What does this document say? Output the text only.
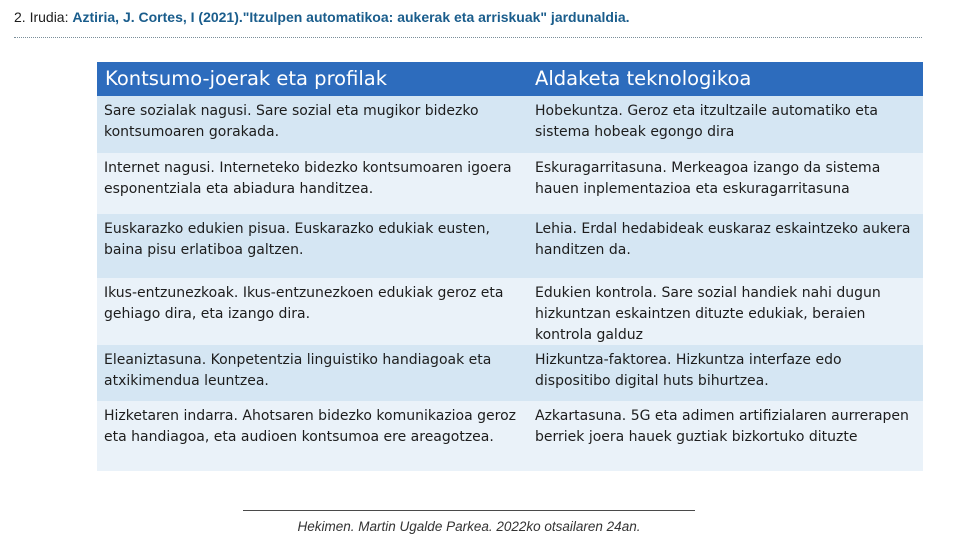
2. Irudia: Aztiria, J. Cortes, I (2021)."Itzulpen automatikoa: aukerak eta arriskuak" jardunaldia.
Kontsumo-joerak eta profilak	Aldaketa teknologikoa
Sare sozialak nagusi. Sare sozial eta mugikor bidezko kontsumoaren gorakada.
Hobekuntza. Geroz eta itzultzaile automatiko eta sistema hobeak egongo dira
Internet nagusi. Interneteko bidezko kontsumoaren igoera esponentziala eta abiadura handitzea.
Eskuragarritasuna. Merkeagoa izango da sistema hauen inplementazioa eta eskuragarritasuna
Euskarazko edukien pisua. Euskarazko edukiak eusten, baina pisu erlatiboa galtzen.
Lehia. Erdal hedabideak euskaraz eskaintzeko aukera handitzen da.
Ikus-entzunezkoak. Ikus-entzunezkoen edukiak geroz eta gehiago dira, eta izango dira.
Edukien kontrola. Sare sozial handiek nahi dugun hizkuntzan eskaintzen dituzte edukiak, beraien kontrola galduz
Eleaniztasuna. Konpetentzia linguistiko handiagoak eta atxikimendua leuntzea.
Hizkuntza-faktorea. Hizkuntza interfaze edo dispositibo digital huts bihurtzea.
Hizketaren indarra. Ahotsaren bidezko komunikazioa geroz eta handiagoa, eta audioen kontsumoa ere areagotzea.
Azkartasuna. 5G eta adimen artifizialaren aurrerapen berriek joera hauek guztiak bizkortuko dituzte
Hekimen. Martin Ugalde Parkea. 2022ko otsailaren 24an.
